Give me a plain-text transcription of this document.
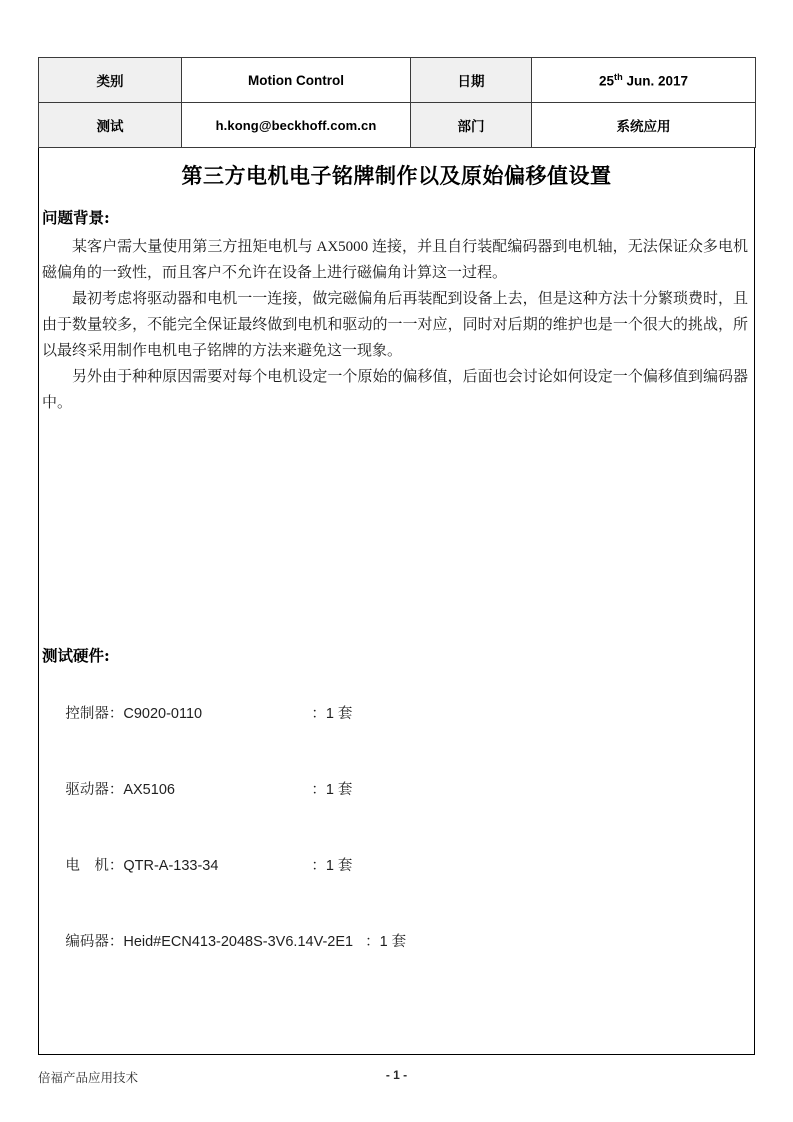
类别	Motion Control	日期	25th Jun. 2017
测试	h.kong@beckhoff.com.cn	部门	系统应用
第三方电机电子铭牌制作以及原始偏移值设置
问题背景:

某客户需大量使用第三方扭矩电机与 AX5000 连接，并且自行装配编码器到电机轴，无法保证众多电机磁偏角的一致性，而且客户不允许在设备上进行磁偏角计算这一过程。

最初考虑将驱动器和电机一一连接，做完磁偏角后再装配到设备上去，但是这种方法十分繁琐费时，且由于数量较多，不能完全保证最终做到电机和驱动的一一对应，同时对后期的维护也是一个很大的挑战，所以最终采用制作电机电子铭牌的方法来避免这一现象。

另外由于种种原因需要对每个电机设定一个原始的偏移值，后面也会讨论如何设定一个偏移值到编码器中。

测试硬件:

控制器：C9020-0110	：1 套

驱动器：AX5106	：1 套

电　机：QTR-A-133-34	：1 套

编码器：Heid#ECN413-2048S-3V6.14V-2E1 ：1 套

倍福产品应用技术	- 1 -
